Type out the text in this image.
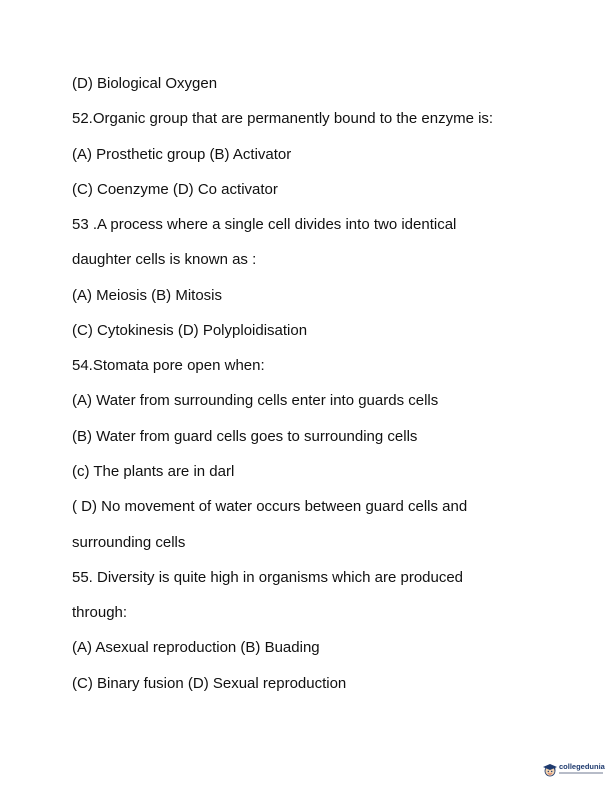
(D) Biological Oxygen
52.Organic group that are permanently bound to the enzyme is:
(A) Prosthetic group (B) Activator
(C) Coenzyme (D) Co activator
53 .A process where a single cell divides into two identical
daughter cells is known as :
(A) Meiosis (B) Mitosis
(C) Cytokinesis (D) Polyploidisation
54.Stomata pore open when:
(A) Water from surrounding cells enter into guards cells
(B) Water from guard cells goes to surrounding cells
(c) The plants are in darl
( D) No movement of water occurs between guard cells and
surrounding cells
55. Diversity is quite high in organisms which are produced
through:
(A) Asexual reproduction (B) Buading
(C) Binary fusion (D) Sexual reproduction
collegedunia
